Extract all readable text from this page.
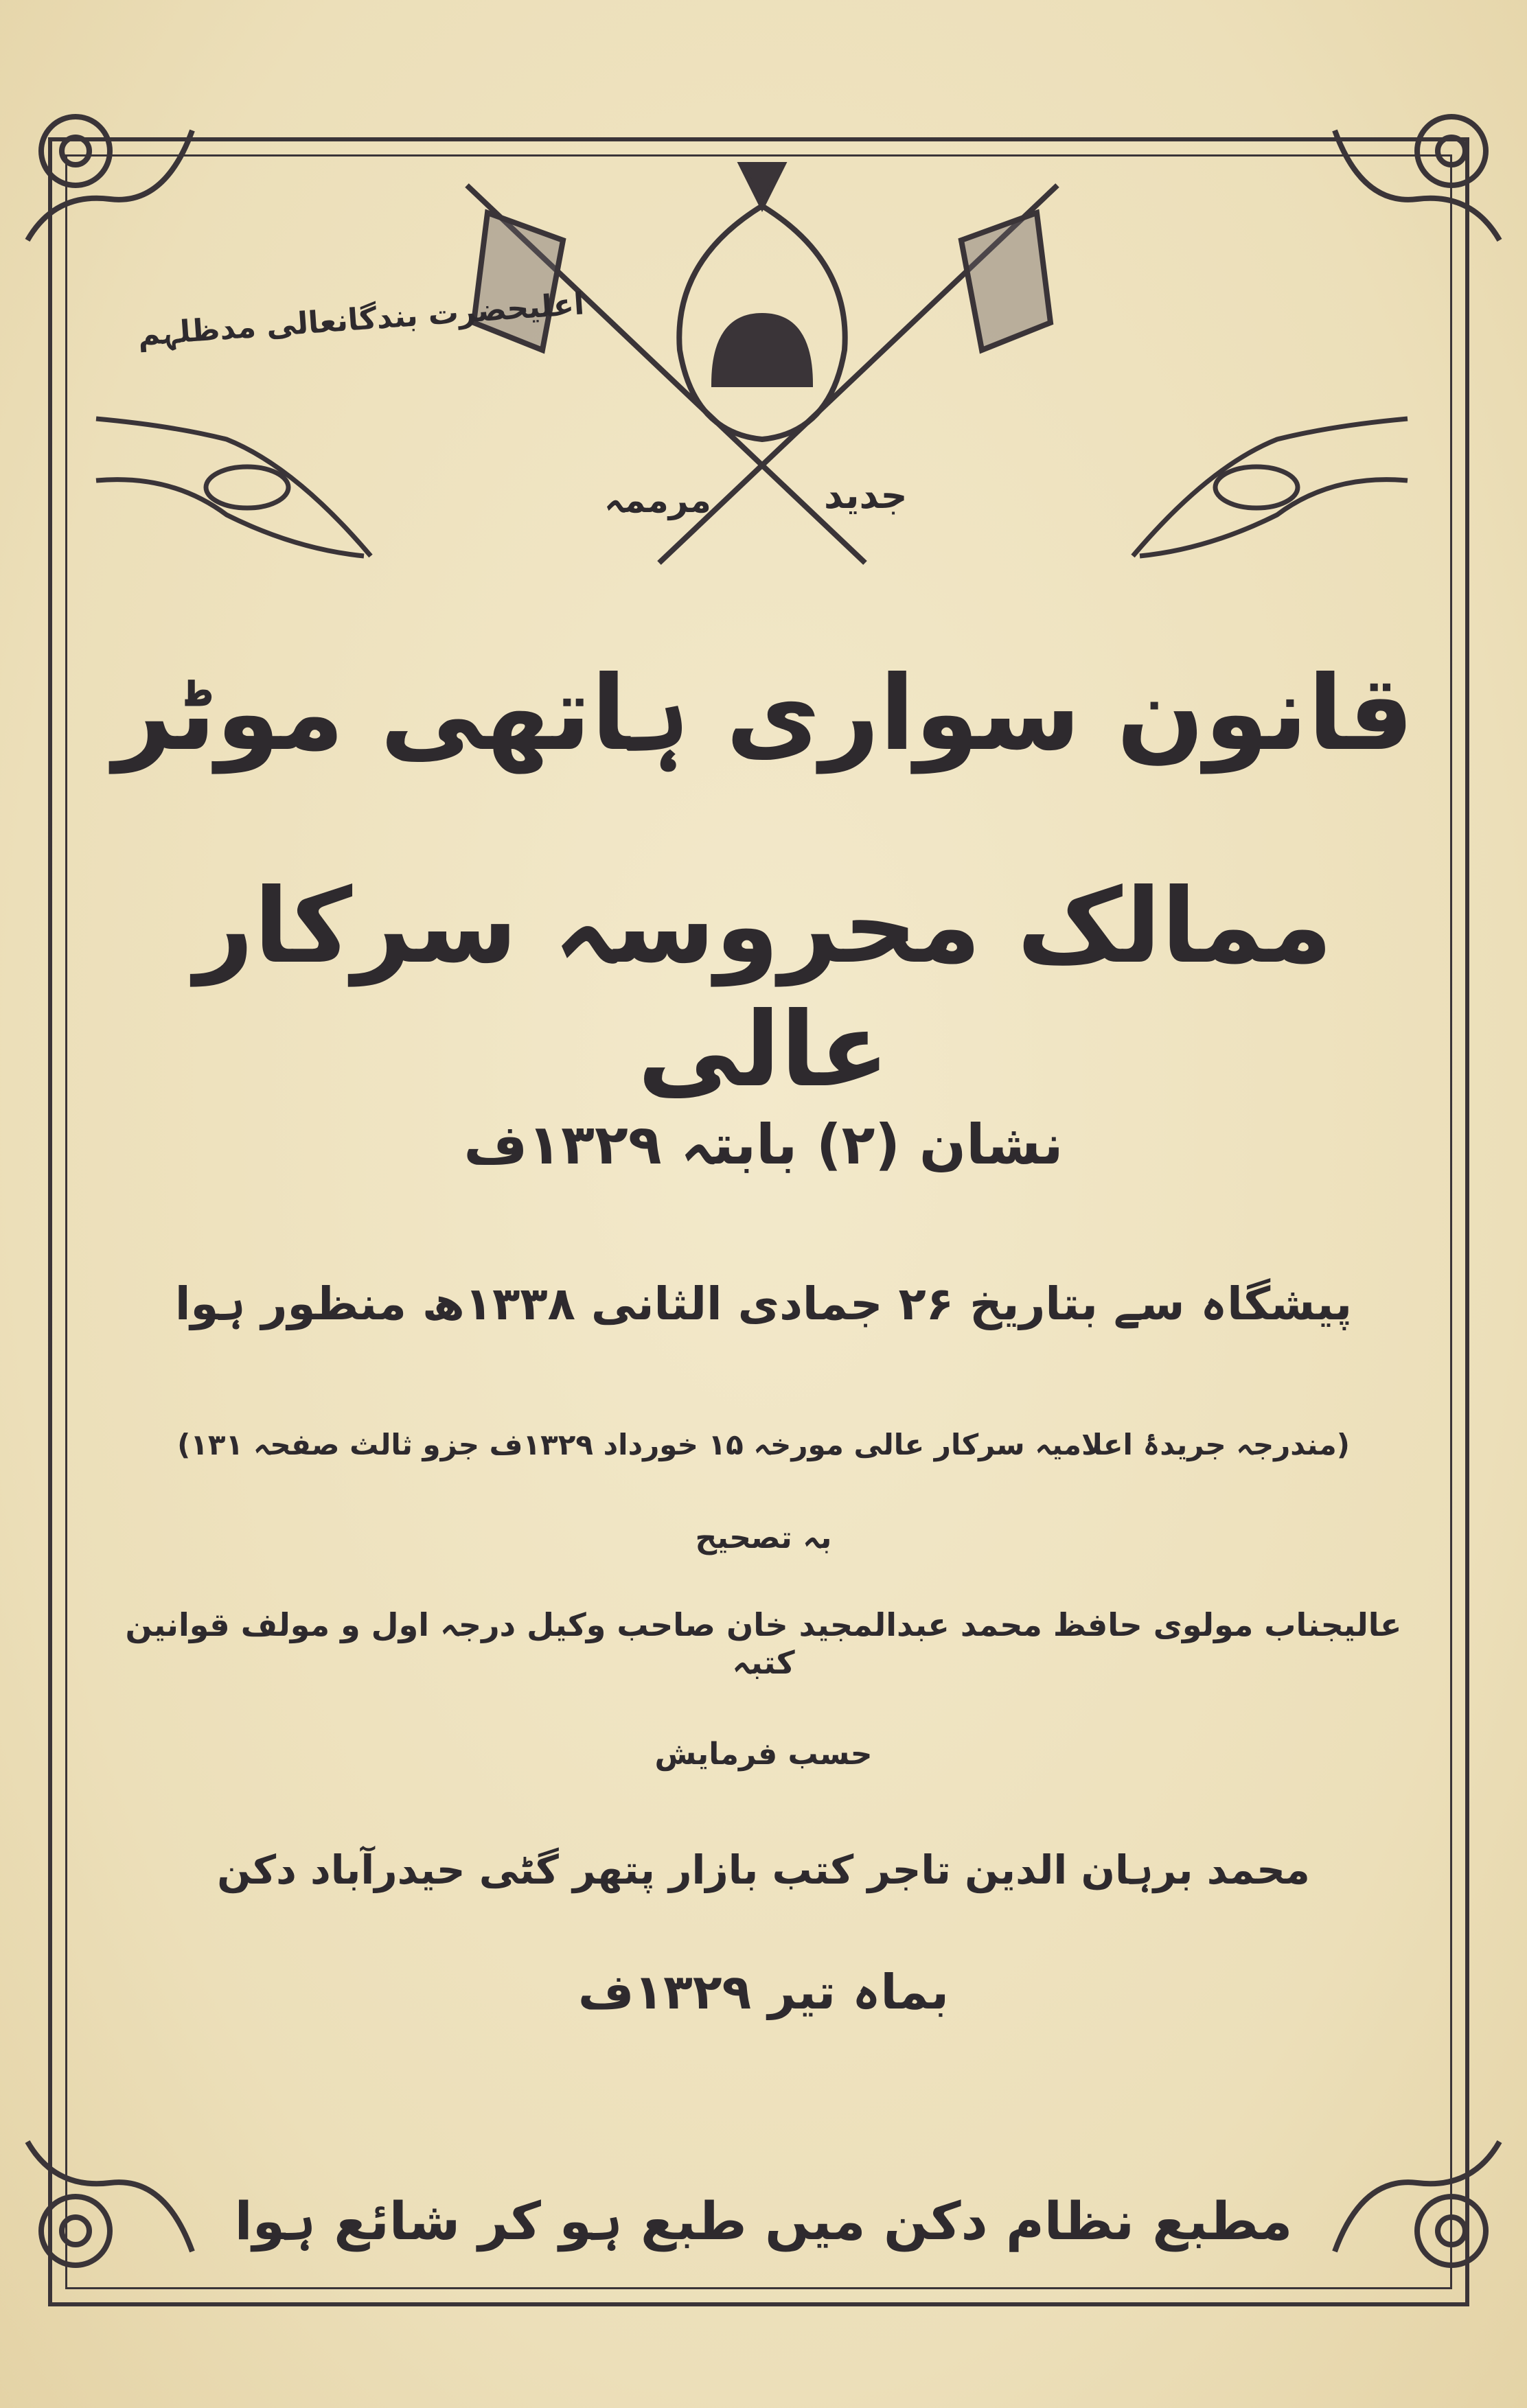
اعلیحضرت بندگانعالی مدظلہم
جدید
مرممہ
قانون سواری ہاتھی موٹر
ممالک محروسہ سرکار عالی
نشان (۲) بابتہ ۱۳۲۹ف
پیشگاہ سے بتاریخ ۲۶ جمادی الثانی ۱۳۳۸ھ منظور ہوا
(مندرجہ جریدۂ اعلامیہ سرکار عالی مورخہ ۱۵ خورداد ۱۳۲۹ف جزو ثالث صفحہ ۱۳۱)
بہ تصحیح
عالیجناب مولوی حافظ محمد عبدالمجید خان صاحب وکیل درجہ اول و مولف قوانین کتبہ
حسب فرمایش
محمد برہان الدین تاجر کتب بازار پتھر گٹی حیدرآباد دکن
بماہ تیر ۱۳۲۹ف
مطبع نظام دکن میں طبع ہو کر شائع ہوا
